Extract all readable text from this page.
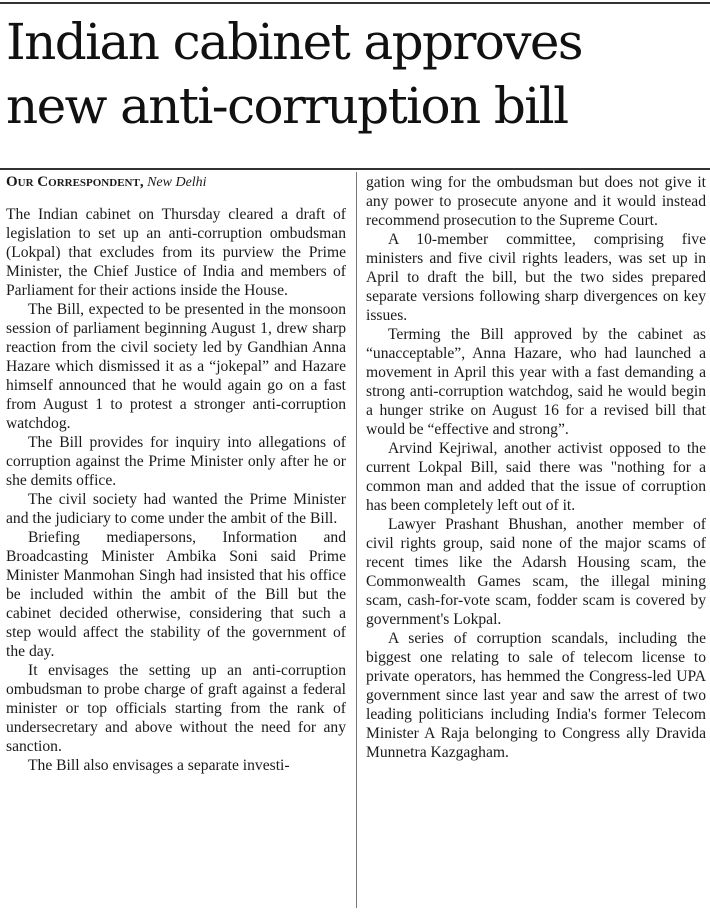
Indian cabinet approves
new anti-corruption bill
Our Correspondent, New Delhi

The Indian cabinet on Thursday cleared a draft of legislation to set up an anti-corruption ombudsman (Lokpal) that excludes from its purview the Prime Minister, the Chief Justice of India and members of Parliament for their actions inside the House.

The Bill, expected to be presented in the monsoon session of parliament beginning August 1, drew sharp reaction from the civil society led by Gandhian Anna Hazare which dismissed it as a “jokepal” and Hazare himself announced that he would again go on a fast from August 1 to protest a stronger anti-corruption watchdog.

The Bill provides for inquiry into allegations of corruption against the Prime Minister only after he or she demits office.

The civil society had wanted the Prime Minister and the judiciary to come under the ambit of the Bill.

Briefing mediapersons, Information and Broadcasting Minister Ambika Soni said Prime Minister Manmohan Singh had insisted that his office be included within the ambit of the Bill but the cabinet decided otherwise, considering that such a step would affect the stability of the government of the day.

It envisages the setting up an anti-corruption ombudsman to probe charge of graft against a federal minister or top officials starting from the rank of undersecretary and above without the need for any sanction.

The Bill also envisages a separate investi-

gation wing for the ombudsman but does not give it any power to prosecute anyone and it would instead recommend prosecution to the Supreme Court.

A 10-member committee, comprising five ministers and five civil rights leaders, was set up in April to draft the bill, but the two sides prepared separate versions following sharp divergences on key issues.

Terming the Bill approved by the cabinet as “unacceptable”, Anna Hazare, who had launched a movement in April this year with a fast demanding a strong anti-corruption watchdog, said he would begin a hunger strike on August 16 for a revised bill that would be “effective and strong”.

Arvind Kejriwal, another activist opposed to the current Lokpal Bill, said there was "nothing for a common man and added that the issue of corruption has been completely left out of it.

Lawyer Prashant Bhushan, another member of civil rights group, said none of the major scams of recent times like the Adarsh Housing scam, the Commonwealth Games scam, the illegal mining scam, cash-for-vote scam, fodder scam is covered by government's Lokpal.

A series of corruption scandals, including the biggest one relating to sale of telecom license to private operators, has hemmed the Congress-led UPA government since last year and saw the arrest of two leading politicians including India's former Telecom Minister A Raja belonging to Congress ally Dravida Munnetra Kazgagham.
